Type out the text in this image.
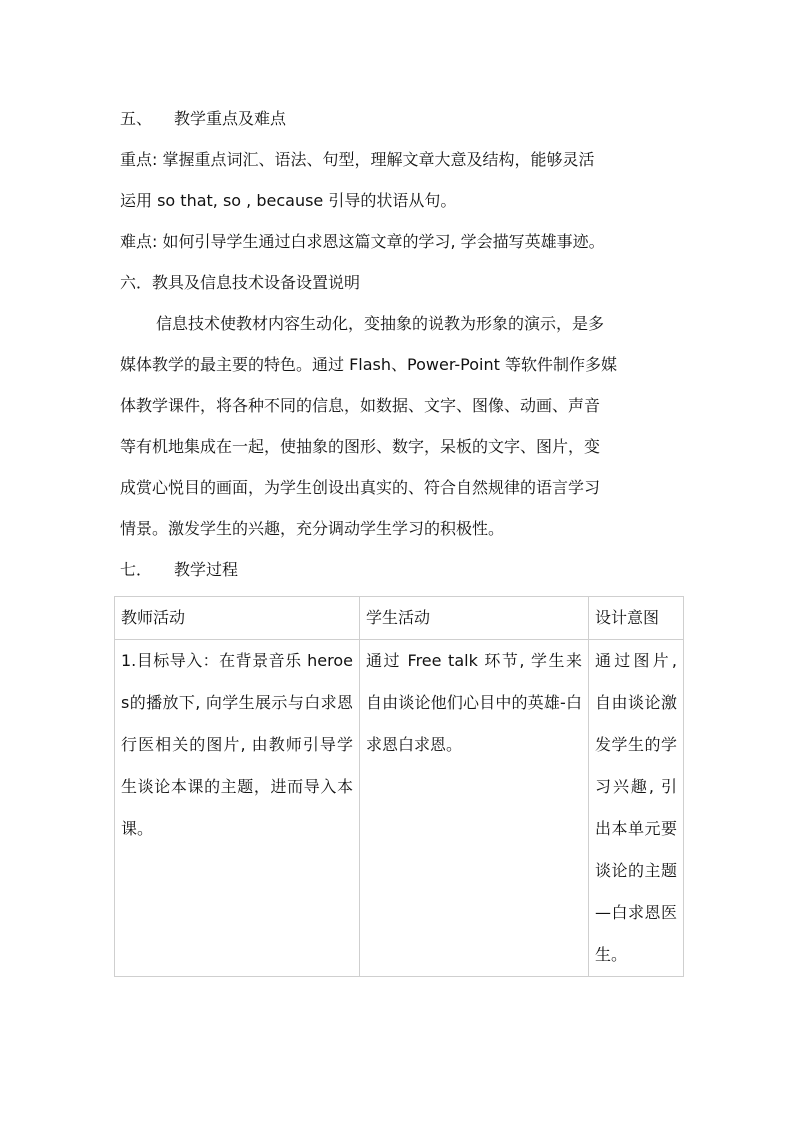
五、 教学重点及难点
重点: 掌握重点词汇、语法、句型，理解文章大意及结构，能够灵活
运用 so that, so , because 引导的状语从句。
难点: 如何引导学生通过白求恩这篇文章的学习, 学会描写英雄事迹。
六．教具及信息技术设备设置说明
信息技术使教材内容生动化，变抽象的说教为形象的演示，是多
媒体教学的最主要的特色。通过 Flash、Power-Point 等软件制作多媒
体教学课件，将各种不同的信息，如数据、文字、图像、动画、声音
等有机地集成在一起，使抽象的图形、数字，呆板的文字、图片，变
成赏心悦目的画面，为学生创设出真实的、符合自然规律的语言学习
情景。激发学生的兴趣，充分调动学生学习的积极性。
七． 教学过程
教师活动	学生活动	设计意图
1.目标导入：在背景音乐 heroes的播放下, 向学生展示与白求恩行医相关的图片, 由教师引导学生谈论本课的主题，进而导入本课。	通过 Free talk 环节, 学生来自由谈论他们心目中的英雄-白求恩白求恩。	通过图片, 自由谈论激发学生的学习兴趣, 引出本单元要谈论的主题—白求恩医生。
